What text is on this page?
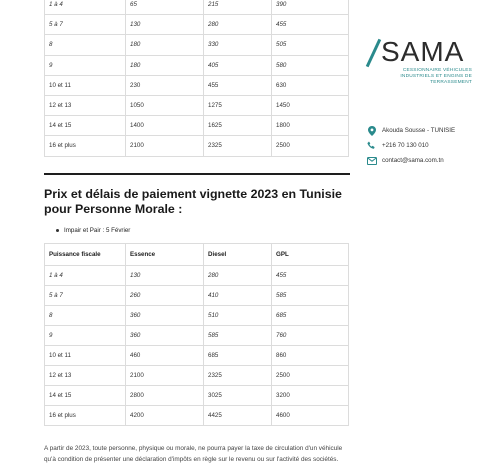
1 à 4	65	215	390
5 à 7	130	280	455
8	180	330	505
9	180	405	580
10 et 11	230	455	630
12 et 13	1050	1275	1450
14 et 15	1400	1625	1800
16 et plus	2100	2325	2500
Prix et délais de paiement vignette 2023 en Tunisie pour Personne Morale :
Impair et Pair : 5 Février
Puissance fiscale	Essence	Diesel	GPL
1 à 4	130	280	455
5 à 7	260	410	585
8	360	510	685
9	360	585	760
10 et 11	460	685	860
12 et 13	2100	2325	2500
14 et 15	2800	3025	3200
16 et plus	4200	4425	4600

A partir de 2023, toute personne, physique ou morale, ne pourra payer la taxe de circulation d'un véhicule qu'à condition de présenter une déclaration d'impôts en règle sur le revenu ou sur l'activité des sociétés.

SAMA
CESSIONNAIRE VÉHICULES INDUSTRIELS ET ENGINS DE TERRASSEMENT
Akouda Sousse - TUNISIE
+216 70 130 010
contact@sama.com.tn
